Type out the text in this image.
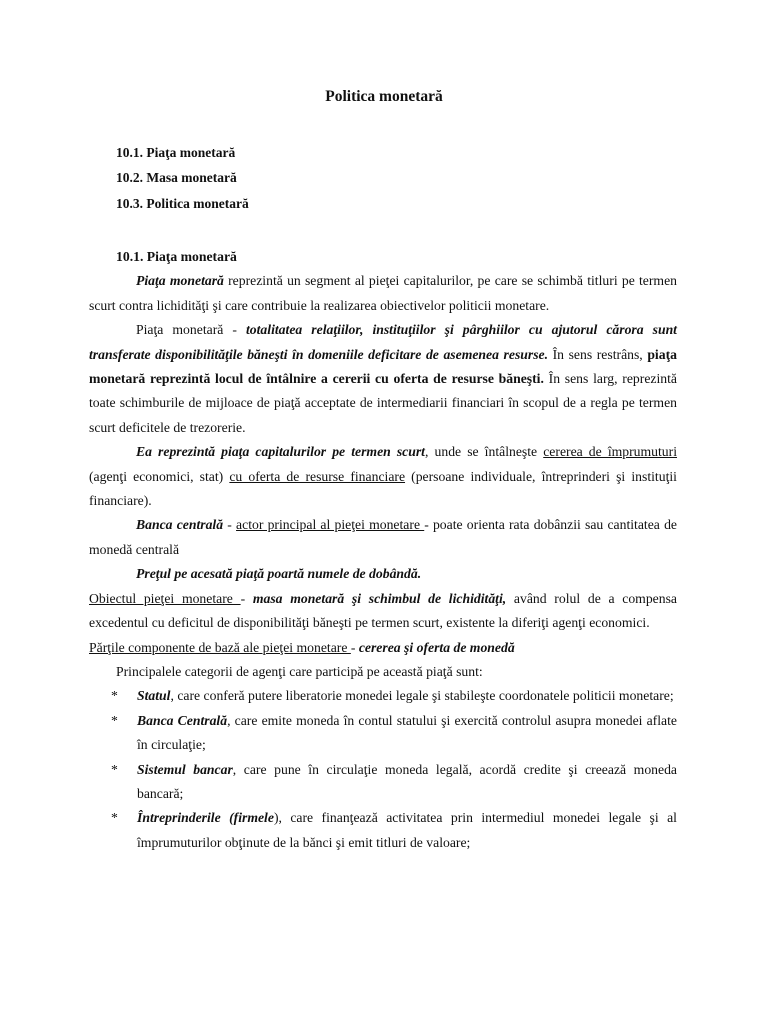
Politica monetară
10.1. Piaţa monetară
10.2. Masa monetară
10.3. Politica monetară

10.1. Piaţa monetară

Piaţa monetară reprezintă un segment al pieţei capitalurilor, pe care se schimbă titluri pe termen scurt contra lichidităţi şi care contribuie la realizarea obiectivelor politicii monetare.

Piaţa monetară - totalitatea relaţiilor, instituţiilor şi pârghiilor cu ajutorul cărora sunt transferate disponibilităţile băneşti în domeniile deficitare de asemenea resurse. În sens restrâns, piaţa monetară reprezintă locul de întâlnire a cererii cu oferta de resurse băneşti. În sens larg, reprezintă toate schimburile de mijloace de piaţă acceptate de intermediarii financiari în scopul de a regla pe termen scurt deficitele de trezorerie.

Ea reprezintă piaţa capitalurilor pe termen scurt, unde se întâlneşte cererea de împrumuturi (agenţi economici, stat) cu oferta de resurse financiare (persoane individuale, întreprinderi şi instituţii financiare).

Banca centrală - actor principal al pieţei monetare - poate orienta rata dobânzii sau cantitatea de monedă centrală

Preţul pe acesată piaţă poartă numele de dobândă.

Obiectul pieţei monetare - masa monetară şi schimbul de lichidităţi, având rolul de a compensa excedentul cu deficitul de disponibilităţi băneşti pe termen scurt, existente la diferiţi agenţi economici.

Părţile componente de bază ale pieţei monetare - cererea şi oferta de monedă

Principalele categorii de agenţi care participă pe această piaţă sunt:

* Statul, care conferă putere liberatorie monedei legale şi stabileşte coordonatele politicii monetare;
* Banca Centrală, care emite moneda în contul statului şi exercită controlul asupra monedei aflate în circulaţie;
* Sistemul bancar, care pune în circulaţie moneda legală, acordă credite şi creează moneda bancară;
* Întreprinderile (firmele), care finanţează activitatea prin intermediul monedei legale şi al împrumuturilor obţinute de la bănci şi emit titluri de valoare;
